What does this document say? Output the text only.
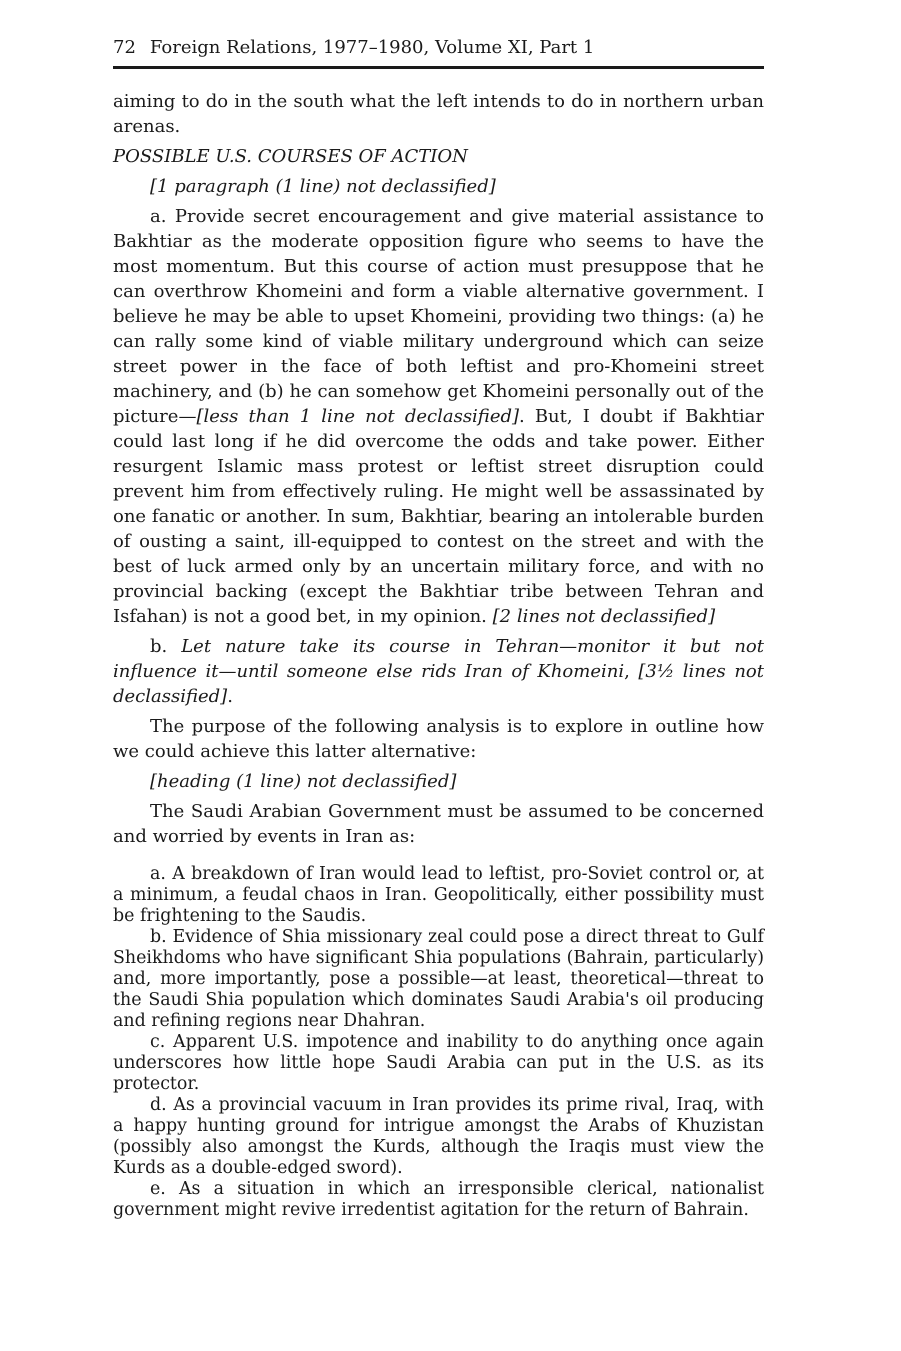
72 Foreign Relations, 1977–1980, Volume XI, Part 1

aiming to do in the south what the left intends to do in northern urban arenas.

POSSIBLE U.S. COURSES OF ACTION

[1 paragraph (1 line) not declassified]

a. Provide secret encouragement and give material assistance to Bakhtiar as the moderate opposition figure who seems to have the most momentum. But this course of action must presuppose that he can overthrow Khomeini and form a viable alternative government. I believe he may be able to upset Khomeini, providing two things: (a) he can rally some kind of viable military underground which can seize street power in the face of both leftist and pro-Khomeini street machinery, and (b) he can somehow get Khomeini personally out of the picture—[less than 1 line not declassified]. But, I doubt if Bakhtiar could last long if he did overcome the odds and take power. Either resurgent Islamic mass protest or leftist street disruption could prevent him from effectively ruling. He might well be assassinated by one fanatic or another. In sum, Bakhtiar, bearing an intolerable burden of ousting a saint, ill-equipped to contest on the street and with the best of luck armed only by an uncertain military force, and with no provincial backing (except the Bakhtiar tribe between Tehran and Isfahan) is not a good bet, in my opinion. [2 lines not declassified]

b. Let nature take its course in Tehran—monitor it but not influence it—until someone else rids Iran of Khomeini, [3½ lines not declassified].

The purpose of the following analysis is to explore in outline how we could achieve this latter alternative:

[heading (1 line) not declassified]

The Saudi Arabian Government must be assumed to be concerned and worried by events in Iran as:

a. A breakdown of Iran would lead to leftist, pro-Soviet control or, at a minimum, a feudal chaos in Iran. Geopolitically, either possibility must be frightening to the Saudis.

b. Evidence of Shia missionary zeal could pose a direct threat to Gulf Sheikhdoms who have significant Shia populations (Bahrain, particularly) and, more importantly, pose a possible—at least, theoretical—threat to the Saudi Shia population which dominates Saudi Arabia's oil producing and refining regions near Dhahran.

c. Apparent U.S. impotence and inability to do anything once again underscores how little hope Saudi Arabia can put in the U.S. as its protector.

d. As a provincial vacuum in Iran provides its prime rival, Iraq, with a happy hunting ground for intrigue amongst the Arabs of Khuzistan (possibly also amongst the Kurds, although the Iraqis must view the Kurds as a double-edged sword).

e. As a situation in which an irresponsible clerical, nationalist government might revive irredentist agitation for the return of Bahrain.
